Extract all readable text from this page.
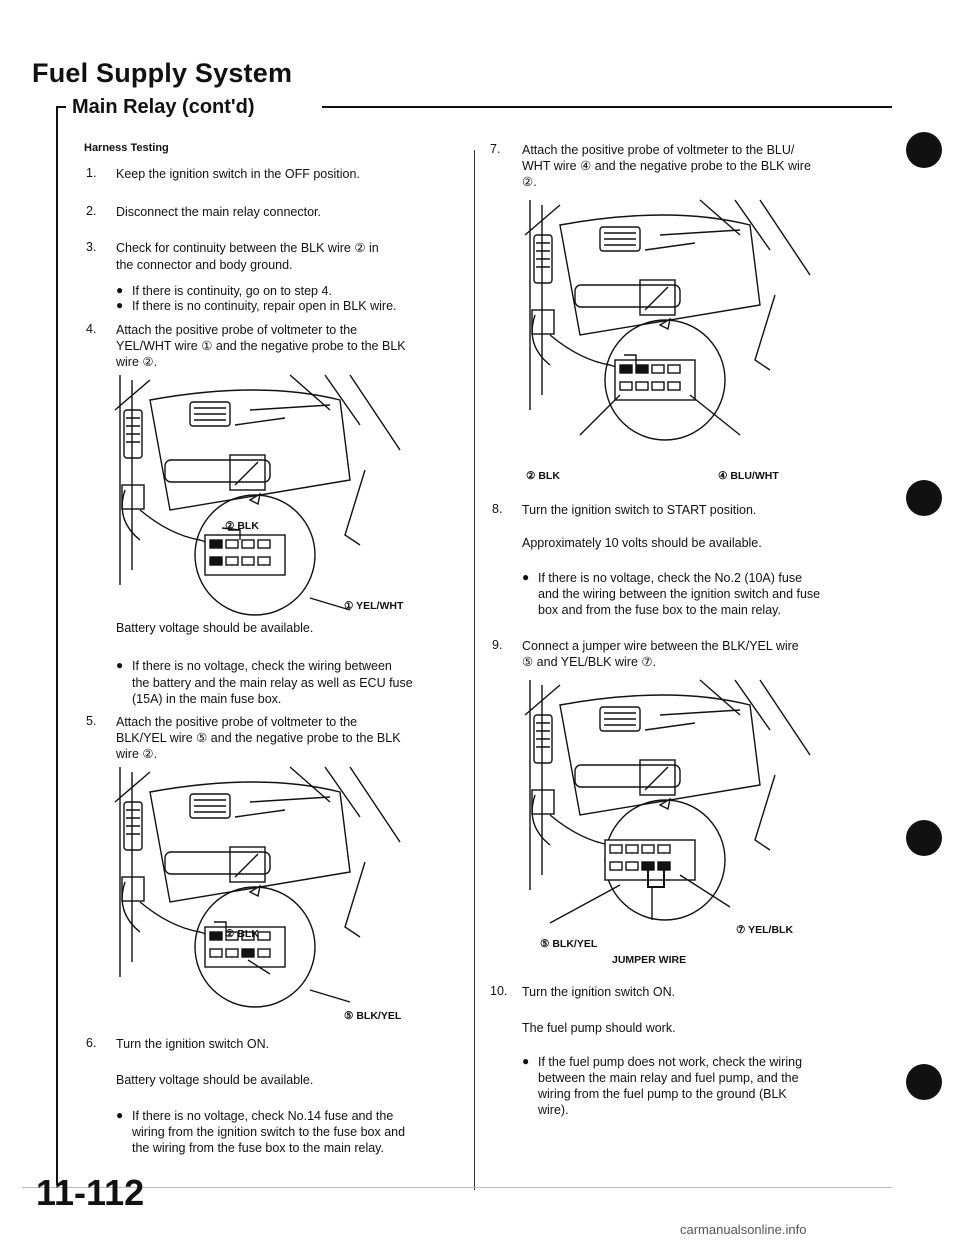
Fuel Supply System
Main Relay (cont'd)
Harness Testing
1. Keep the ignition switch in the OFF position.
2. Disconnect the main relay connector.
3. Check for continuity between the BLK wire ② in
the connector and body ground.
● If there is continuity, go on to step 4.
● If there is no continuity, repair open in BLK wire.
4. Attach the positive probe of voltmeter to the
YEL/WHT wire ① and the negative probe to the BLK
wire ②.
② BLK
① YEL/WHT
Battery voltage should be available.
● If there is no voltage, check the wiring between
the battery and the main relay as well as ECU fuse
(15A) in the main fuse box.
5. Attach the positive probe of voltmeter to the
BLK/YEL wire ⑤ and the negative probe to the BLK
wire ②.
② BLK
⑤ BLK/YEL
6. Turn the ignition switch ON.
Battery voltage should be available.
● If there is no voltage, check No.14 fuse and the
wiring from the ignition switch to the fuse box and
the wiring from the fuse box to the main relay.
7. Attach the positive probe of voltmeter to the BLU/
WHT wire ④ and the negative probe to the BLK wire
②.
② BLK	④ BLU/WHT
8. Turn the ignition switch to START position.
Approximately 10 volts should be available.
● If there is no voltage, check the No.2 (10A) fuse
and the wiring between the ignition switch and fuse
box and from the fuse box to the main relay.
9. Connect a jumper wire between the BLK/YEL wire
⑤ and YEL/BLK wire ⑦.
⑤ BLK/YEL
⑦ YEL/BLK
JUMPER WIRE
10. Turn the ignition switch ON.
The fuel pump should work.
● If the fuel pump does not work, check the wiring
between the main relay and fuel pump, and the
wiring from the fuel pump to the ground (BLK
wire).
11-112
carmanualsonline.info
